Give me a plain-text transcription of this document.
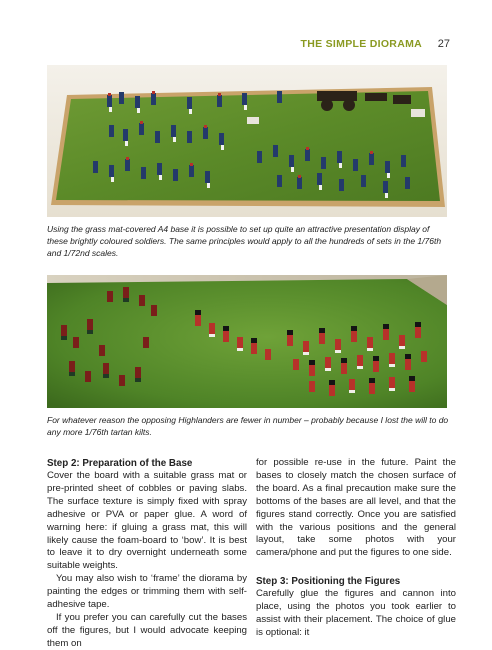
THE SIMPLE DIORAMA 27

Using the grass mat-covered A4 base it is possible to set up quite an attractive presentation display of these brightly coloured soldiers. The same principles would apply to all the hundreds of sets in the 1/76th and 1/72nd scales.

For whatever reason the opposing Highlanders are fewer in number – probably because I lost the will to do any more 1/76th tartan kilts.

Step 2: Preparation of the Base

Cover the board with a suitable grass mat or pre-printed sheet of cobbles or paving slabs. The surface texture is simply fixed with spray adhesive or PVA or paper glue. A word of warning here: if gluing a grass mat, this will likely cause the foam-board to ‘bow’. It is best to leave it to dry overnight underneath some suitable weights.

You may also wish to ‘frame’ the diorama by painting the edges or trimming them with self-adhesive tape.

If you prefer you can carefully cut the bases off the figures, but I would advocate keeping them on

for possible re-use in the future. Paint the bases to closely match the chosen surface of the board. As a final precaution make sure the bottoms of the bases are all level, and that the figures stand correctly. Once you are satisfied with the various positions and the general layout, take some photos with your camera/phone and put the figures to one side.

Step 3: Positioning the Figures

Carefully glue the figures and cannon into place, using the photos you took earlier to assist with their placement. The choice of glue is optional: it
